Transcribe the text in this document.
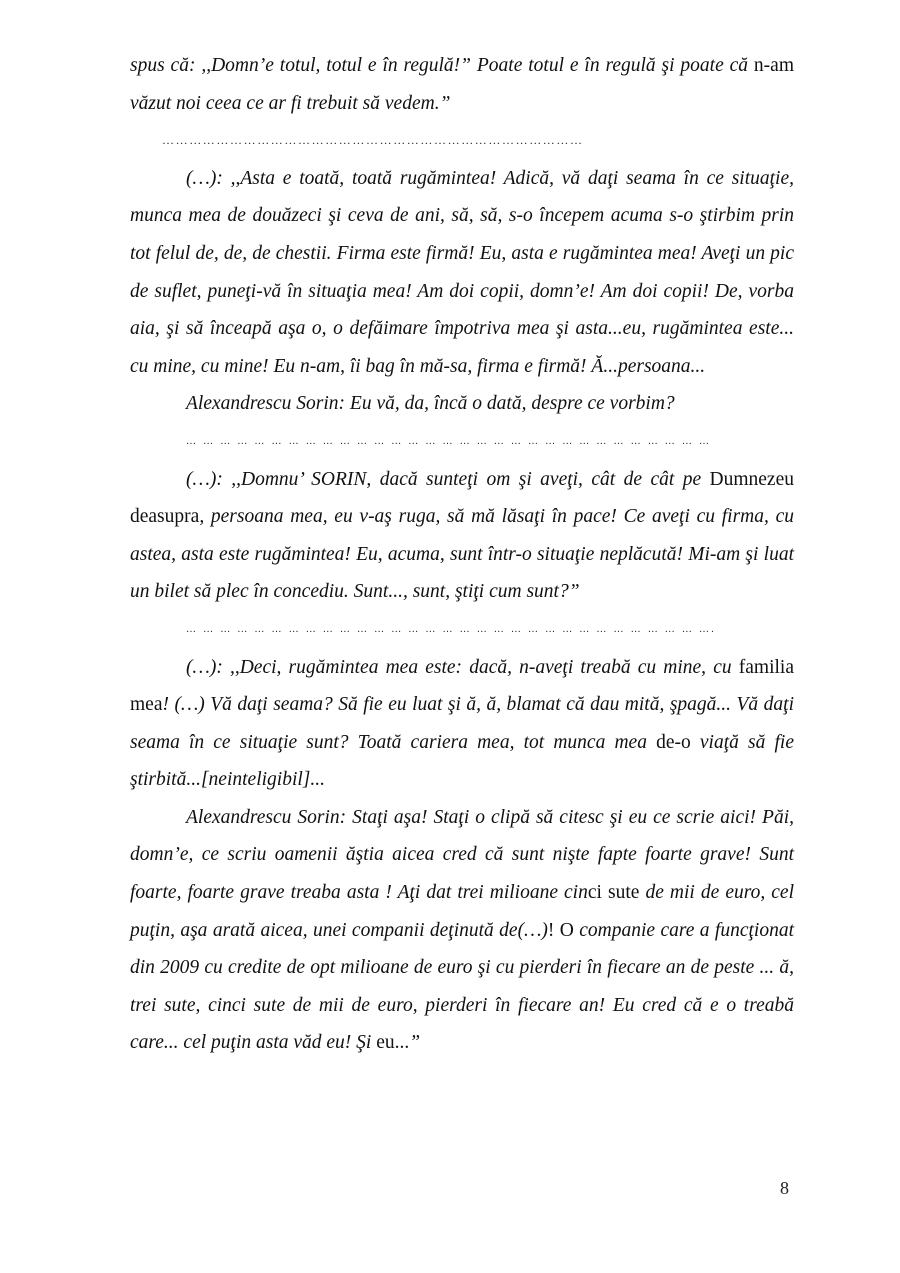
spus că: ,,Domn’e totul, totul e în regulă!” Poate totul e în regulă şi poate că n-am văzut noi ceea ce ar fi trebuit să vedem.”

…………………………………………………………………………………

(…): ,,Asta e toată, toată rugămintea! Adică, vă daţi seama în ce situaţie, munca mea de douăzeci şi ceva de ani, să, să, s-o începem acuma s-o ştirbim prin tot felul de, de, de chestii. Firma este firmă! Eu, asta e rugămintea mea! Aveţi un pic de suflet, puneţi-vă în situaţia mea! Am doi copii, domn’e! Am doi copii! De, vorba aia, şi să înceapă aşa o, o defăimare împotriva mea şi asta...eu, rugămintea este... cu mine, cu mine! Eu n-am, îi bag în mă-sa, firma e firmă! Ă...persoana...

Alexandrescu Sorin: Eu vă, da, încă o dată, despre ce vorbim?

… … … … … … … … … … … … … … … … … … … … … … … … … … … … … … …

(…): ,,Domnu’ SORIN, dacă sunteţi om şi aveţi, cât de cât pe Dumnezeu deasupra, persoana mea, eu v-aş ruga, să mă lăsaţi în pace! Ce aveţi cu firma, cu astea, asta este rugămintea! Eu, acuma, sunt într-o situaţie neplăcută! Mi-am şi luat un bilet să plec în concediu. Sunt..., sunt, ştiţi cum sunt?”

… … … … … … … … … … … … … … … … … … … … … … … … … … … … … … ….

(…): ,,Deci, rugămintea mea este: dacă, n-aveţi treabă cu mine, cu familia mea! (…) Vă daţi seama? Să fie eu luat şi ă, ă, blamat că dau mită, şpagă... Vă daţi seama în ce situaţie sunt? Toată cariera mea, tot munca mea de-o viaţă să fie ştirbită...[neinteligibil]...

Alexandrescu Sorin: Staţi aşa! Staţi o clipă să citesc şi eu ce scrie aici! Păi, domn’e, ce scriu oamenii ăştia aicea cred că sunt nişte fapte foarte grave! Sunt foarte, foarte grave treaba asta ! Aţi dat trei milioane cinci sute de mii de euro, cel puţin, aşa arată aicea, unei companii deţinută de(…)! O companie care a funcţionat din 2009 cu credite de opt milioane de euro şi cu pierderi în fiecare an de peste ... ă, trei sute, cinci sute de mii de euro, pierderi în fiecare an! Eu cred că e o treabă care... cel puţin asta văd eu! Şi eu...”

8
